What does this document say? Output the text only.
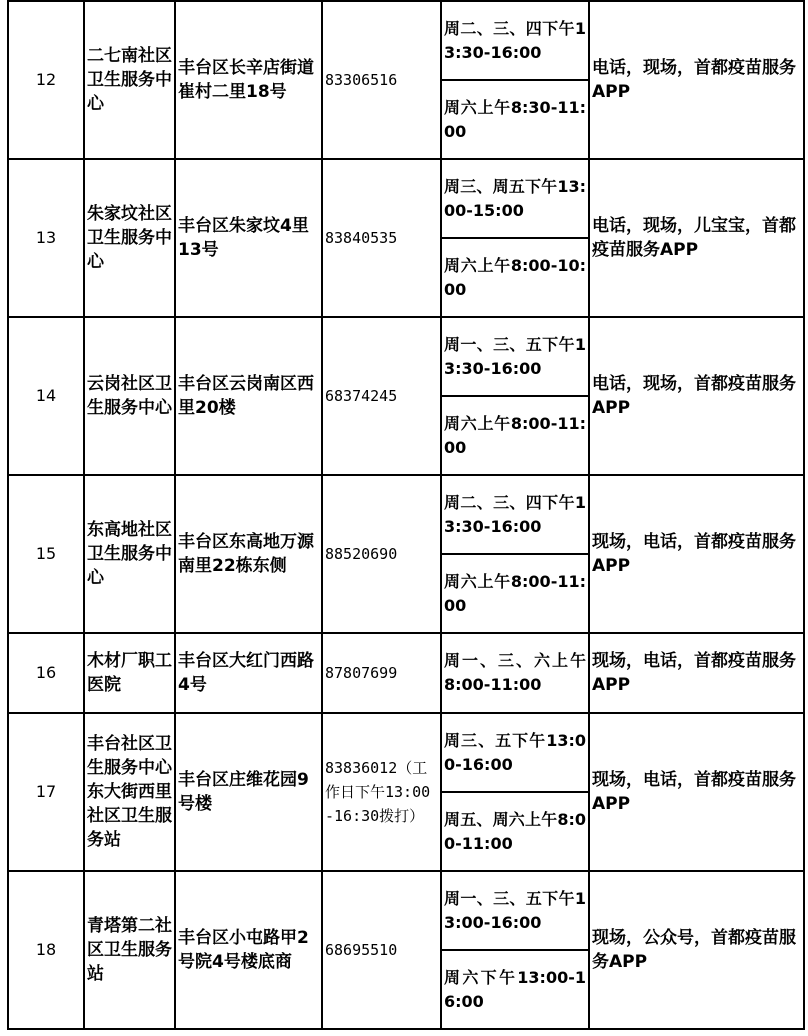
12	二七南社区卫生服务中心	丰台区长辛店街道崔村二里18号	83306516	周二、三、四下午13:30-16:00	电话，现场，首都疫苗服务APP
				周六上午8:30-11:00	
13	朱家坟社区卫生服务中心	丰台区朱家坟4里13号	83840535	周三、周五下午13:00-15:00	电话，现场，儿宝宝，首都疫苗服务APP
				周六上午8:00-10:00	
14	云岗社区卫生服务中心	丰台区云岗南区西里20楼	68374245	周一、三、五下午13:30-16:00	电话，现场，首都疫苗服务APP
				周六上午8:00-11:00	
15	东高地社区卫生服务中心	丰台区东高地万源南里22栋东侧	88520690	周二、三、四下午13:30-16:00	现场，电话，首都疫苗服务APP
				周六上午8:00-11:00	
16	木材厂职工医院	丰台区大红门西路4号	87807699	周一、三、六上午8:00-11:00	现场，电话，首都疫苗服务APP
17	丰台社区卫生服务中心东大街西里社区卫生服务站	丰台区庄维花园9号楼	83836012（工作日下午13:00-16:30拨打）	周三、五下午13:00-16:00	现场，电话，首都疫苗服务APP
				周五、周六上午8:00-11:00	
18	青塔第二社区卫生服务站	丰台区小屯路甲2号院4号楼底商	68695510	周一、三、五下午13:00-16:00	现场，公众号，首都疫苗服务APP
				周六下午13:00-16:00	
